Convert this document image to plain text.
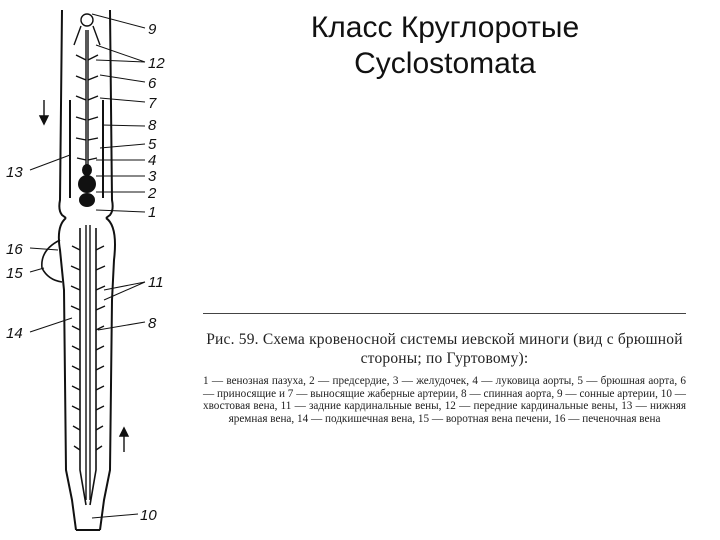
Класс Круглоротые
Cyclostomata
9
12
6
7
8
5
4
3
2
1
13
16
15
11
8
14
10
Рис. 59. Схема кровеносной системы иевской миноги (вид с брюшной стороны; по Гуртовому):
1 — венозная пазуха, 2 — предсердие, 3 — желудочек, 4 — луковица аорты, 5 — брюшная аорта, 6 — приносящие и 7 — выносящие жаберные артерии, 8 — спинная аорта, 9 — сонные артерии, 10 — хвостовая вена, 11 — задние кардинальные вены, 12 — передние кардинальные вены, 13 — нижняя яремная вена, 14 — подкишечная вена, 15 — воротная вена печени, 16 — печеночная вена
